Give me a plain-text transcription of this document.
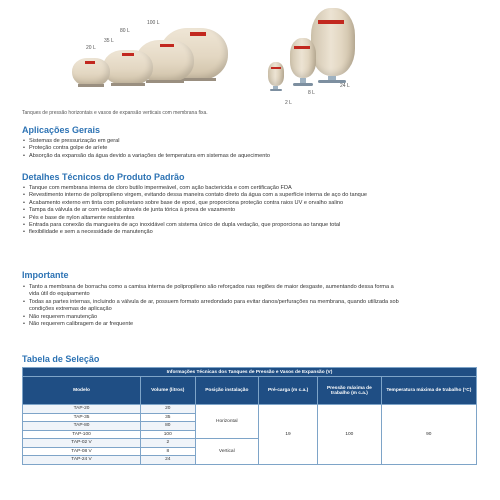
100 L
80 L
35 L
20 L
2 L
8 L
24 L
Tanques de pressão horizontais e vasos de expansão verticais com membrana fixa.
Aplicações Gerais
• Sistemas de pressurização em geral
• Proteção contra golpe de aríete
• Absorção da expansão da água devido a variações de temperatura em sistemas de aquecimento
Detalhes Técnicos do Produto Padrão
• Tanque com membrana interna de cloro butilo impermeável, com ação bactericida e com certificação FDA
• Revestimento interno de polipropileno virgem, evitando dessa maneira contato direto da água com a superfície interna de aço do tanque
• Acabamento externo em tinta com poliuretano sobre base de epoxi, que proporciona proteção contra raios UV e orvalho salino
• Tampa da válvula de ar com vedação através de junta tórica à prova de vazamento
• Pés e base de nylon altamente resistentes
• Entrada para conexão da mangueira de aço inoxidável com sistema único de dupla vedação, que proporciona ao tanque total
• flexibilidade e sem a necessidade de manutenção
Importante
• Tanto a membrana de borracha como a camisa interna de polipropileno são reforçados nas regiões de maior desgaste, aumentando dessa forma a vida útil do equipamento
• Todas as partes internas, incluindo a válvula de ar, possuem formato arredondado para evitar danos/perfurações na membrana, quando utilizada sob condições extremas de aplicação
• Não requerem manutenção
• Não requerem calibragem de ar frequente
Tabela de Seleção
Informações Técnicas dos Tanques de Pressão e Vasos de Expansão (V)					
Modelo	Volume (litros)	Posição instalação	Pré-carga (m c.a.)	Pressão máxima de trabalho (m c.a.)	Temperatura máxima de trabalho (°C)
TAP-20	20	Horizontal	19	100	90
TAP-35	35				
TAP-80	80				
TAP-100	100				
TAP-02 V	2	Vertical			
TAP-08 V	8				
TAP-24 V	24				
